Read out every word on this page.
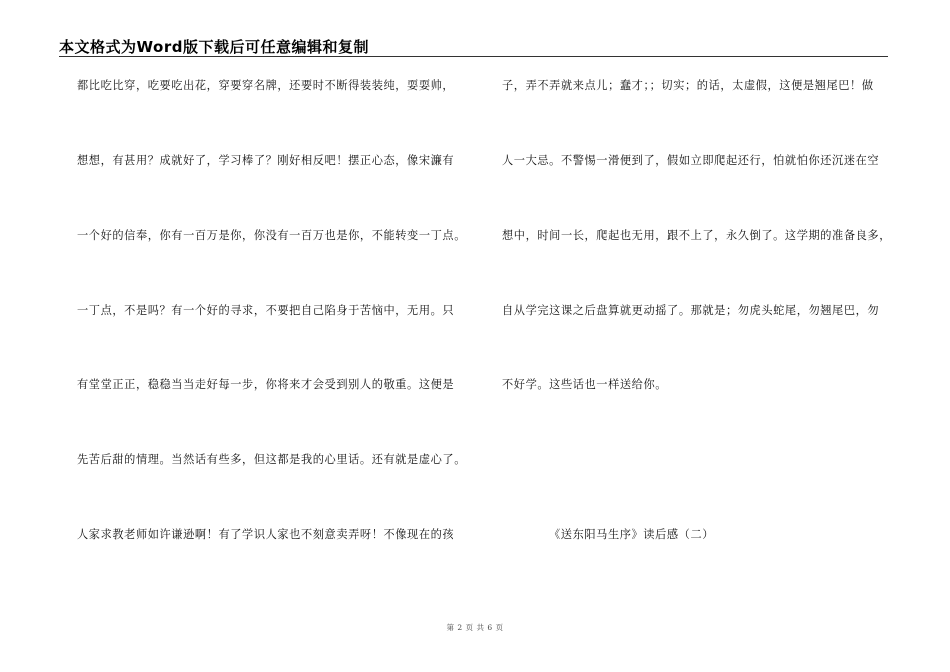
本文格式为Word版下载后可任意编辑和复制
都比吃比穿，吃要吃出花，穿要穿名牌，还要时不断得装装纯，耍耍帅，
想想，有甚用？成就好了，学习棒了？刚好相反吧！摆正心态，像宋濂有
一个好的信奉，你有一百万是你，你没有一百万也是你，不能转变一丁点。
一丁点，不是吗？有一个好的寻求，不要把自己陷身于苦恼中，无用。只
有堂堂正正，稳稳当当走好每一步，你将来才会受到别人的敬重。这便是
先苦后甜的情理。当然话有些多，但这都是我的心里话。还有就是虚心了。
人家求教老师如许谦逊啊！有了学识人家也不刻意卖弄呀！不像现在的孩
子，弄不弄就来点儿；蠢才；；切实；的话，太虚假，这便是翘尾巴！做
人一大忌。不警惕一滑便到了，假如立即爬起还行，怕就怕你还沉迷在空
想中，时间一长，爬起也无用，跟不上了，永久倒了。这学期的准备良多，
自从学完这课之后盘算就更动摇了。那就是；勿虎头蛇尾，勿翘尾巴，勿
不好学。这些话也一样送给你。
《送东阳马生序》读后感（二）
第 2 页 共 6 页
